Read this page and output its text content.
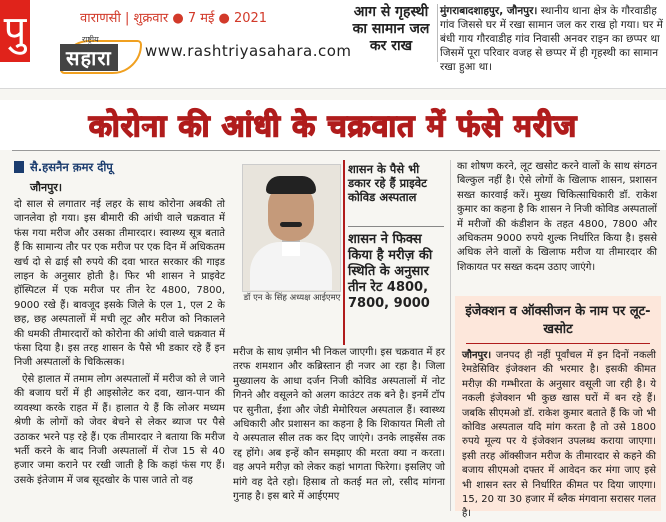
पु	वाराणसी | शुक्रवार ● 7 मई ● 2021
राष्ट्रीय
सहारा	www.rashtriyasahara.com
आग से गृहस्थी का सामान जल कर राख
मुंगराबादशाहपुर, जौनपुर। स्थानीय थाना क्षेत्र के गौरवाडीह गांव जिससे घर में रखा सामान जल कर राख हो गया। घर में बंधी गाय गौरवाडीह गांव निवासी अनवर राइन का छप्पर था जिसमें पूरा परिवार वजह से छप्पर में ही गृहस्थी का सामान रखा हुआ था।
कोरोना की आंधी के चक्रवात में फंसे मरीज
सै.हसनैन क़मर दीपू
जौनपुर।

दो साल से लगातार नई लहर के साथ कोरोना अबकी तो जानलेवा हो गया। इस बीमारी की आंधी वाले चक्रवात में फंस गया मरीज और उसका तीमारदार। स्वास्थ्य सूत्र बताते हैं कि सामान्य तौर पर एक मरीज पर एक दिन में अधिकतम खर्च दो से ढाई सौ रुपये की दवा भारत सरकार की गाइड लाइन के अनुसार होती है। फिर भी शासन ने प्राइवेट हॉस्पिटल में एक मरीज पर तीन रेट 4800, 7800, 9000 रखे हैं। बावजूद इसके जिले के एल 1, एल 2 के छह, छह अस्पतालों में मची लूट और मरीज को निकालने की धमकी तीमारदारों को कोरोना की आंधी वाले चक्रवात में फंसा दिया है। इस तरह शासन के पैसे भी डकार रहे हैं इन निजी अस्पतालों के चिकित्सक।

ऐसे हालात में तमाम लोग अस्पतालों में मरीज को ले जाने की बजाय घरों में ही आइसोलेट कर दवा, खान-पान की व्यवस्था करके राहत में हैं। हालात ये हैं कि लोअर मध्यम श्रेणी के लोगों को जेवर बेचने से लेकर ब्याज पर पैसे उठाकर भरने पड़ रहे हैं। एक तीमारदार ने बताया कि मरीज भर्ती करने के बाद निजी अस्पतालों में रोज 15 से 40 हजार जमा कराने पर रखी जाती है कि कहां फंस गए हैं। उसके इंतेजाम में जब सूदखोर के पास जाते तो वह

डॉ एन के सिंह अध्यक्ष आईएमए
शासन के पैसे भी डकार रहे हैं प्राइवेट कोविड अस्पताल
शासन ने फिक्स किया है मरीज़ की स्थिति के अनुसार तीन रेट 4800, 7800, 9000

मरीज के साथ ज़मीन भी निकल जाएगी। इस चक्रवात में हर तरफ शमशान और कब्रिस्तान ही नजर आ रहा है। जिला मुख्यालय के आधा दर्जन निजी कोविड अस्पतालों में नोट गिनने और वसूलने को अलग काउंटर तक बने है। इनमें टॉप पर सुनीता, ईशा और जेडी मेमोरियल अस्पताल हैं। स्वास्थ्य अधिकारी और प्रशासन का कहना है कि शिकायत मिली तो ये अस्पताल सील तक कर दिए जाएंगे। उनके लाइसेंस तक रद्द होंगे। अब इन्हें कौन समझाए की मरता क्या न करता। वह अपने मरीज़ को लेकर कहां भागता फिरेगा। इसलिए जो मांगे वह देते रहो। हिसाब तो कतई मत लो, रसीद मांगना गुनाह है। इस बारे में आईएमए

का शोषण करने, लूट खसोट करने वालों के साथ संगठन बिल्कुल नहीं है। ऐसे लोगों के खिलाफ शासन, प्रशासन सख्त कारवाई करें। मुख्य चिकित्साधिकारी डॉ. राकेश कुमार का कहना है कि शासन ने निजी कोविड अस्पतालों में मरीजों की कंडीशन के तहत 4800, 7800 और अधिकतम 9000 रुपये शुल्क निर्धारित किया है। इससे अधिक लेने वालों के खिलाफ मरीज या तीमारदार की शिकायत पर सख्त कदम उठाए जाएंगे।

इंजेक्शन व ऑक्सीजन के नाम पर लूट-खसोट

जौनपुर। जनपद ही नहीं पूर्वांचल में इन दिनों नकली रेमडेसिविर इंजेक्शन की भरमार है। इसकी कीमत मरीज़ की गम्भीरता के अनुसार वसूली जा रही है। ये नकली इंजेक्शन भी कुछ खास घरों में बन रहे हैं। जबकि सीएमओ डॉ. राकेश कुमार बताते हैं कि जो भी कोविड अस्पताल यदि मांग करता है तो उसे 1800 रुपये मूल्य पर ये इंजेक्शन उपलब्ध कराया जाएगा। इसी तरह ऑक्सीजन मरीज के तीमारदार से कहने की बजाय सीएमओ दफ्तर में आवेदन कर मंगा जाए इसे भी शासन स्तर से निर्धारित कीमत पर दिया जाएगा। 15, 20 या 30 हजार में ब्लैक मंगवाना सरासर गलत है।
